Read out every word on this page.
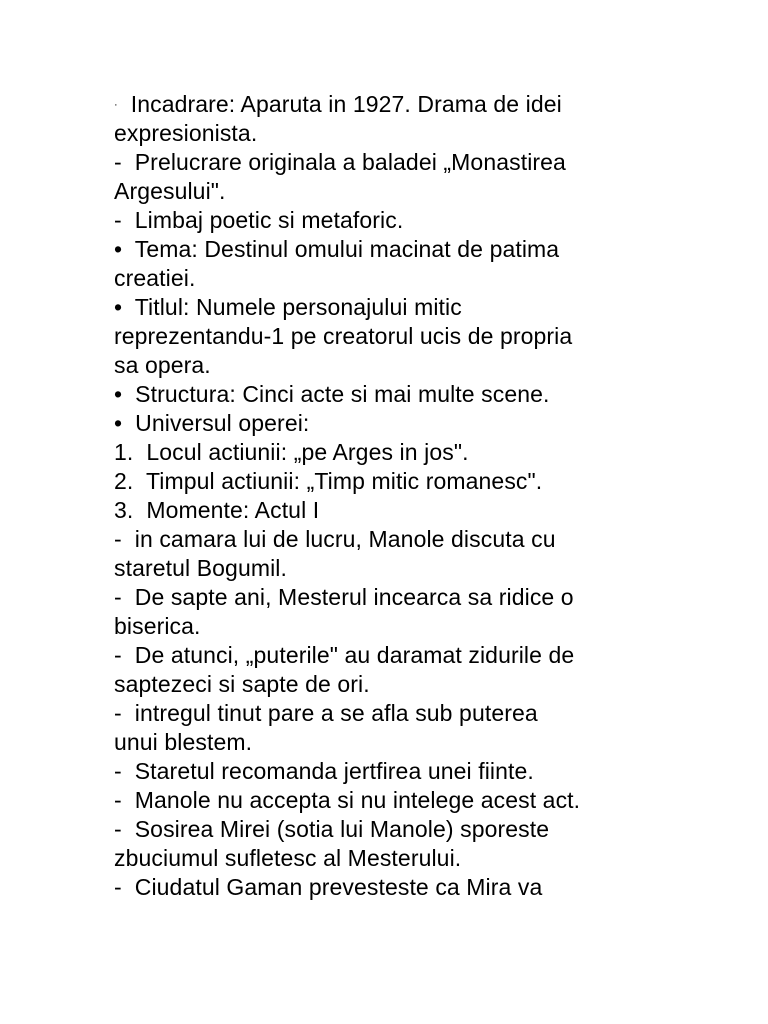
·  Incadrare: Aparuta in 1927. Drama de idei
expresionista.
-  Prelucrare originala a baladei „Monastirea
Argesului".
-  Limbaj poetic si metaforic.
•  Tema: Destinul omului macinat de patima
creatiei.
•  Titlul: Numele personajului mitic
reprezentandu-1 pe creatorul ucis de propria
sa opera.
•  Structura: Cinci acte si mai multe scene.
•  Universul operei:
1.  Locul actiunii: „pe Arges in jos".
2.  Timpul actiunii: „Timp mitic romanesc".
3.  Momente: Actul I
-  in camara lui de lucru, Manole discuta cu
staretul Bogumil.
-  De sapte ani, Mesterul incearca sa ridice o
biserica.
-  De atunci, „puterile" au daramat zidurile de
saptezeci si sapte de ori.
-  intregul tinut pare a se afla sub puterea
unui blestem.
-  Staretul recomanda jertfirea unei fiinte.
-  Manole nu accepta si nu intelege acest act.
-  Sosirea Mirei (sotia lui Manole) sporeste
zbuciumul sufletesc al Mesterului.
-  Ciudatul Gaman prevesteste ca Mira va
